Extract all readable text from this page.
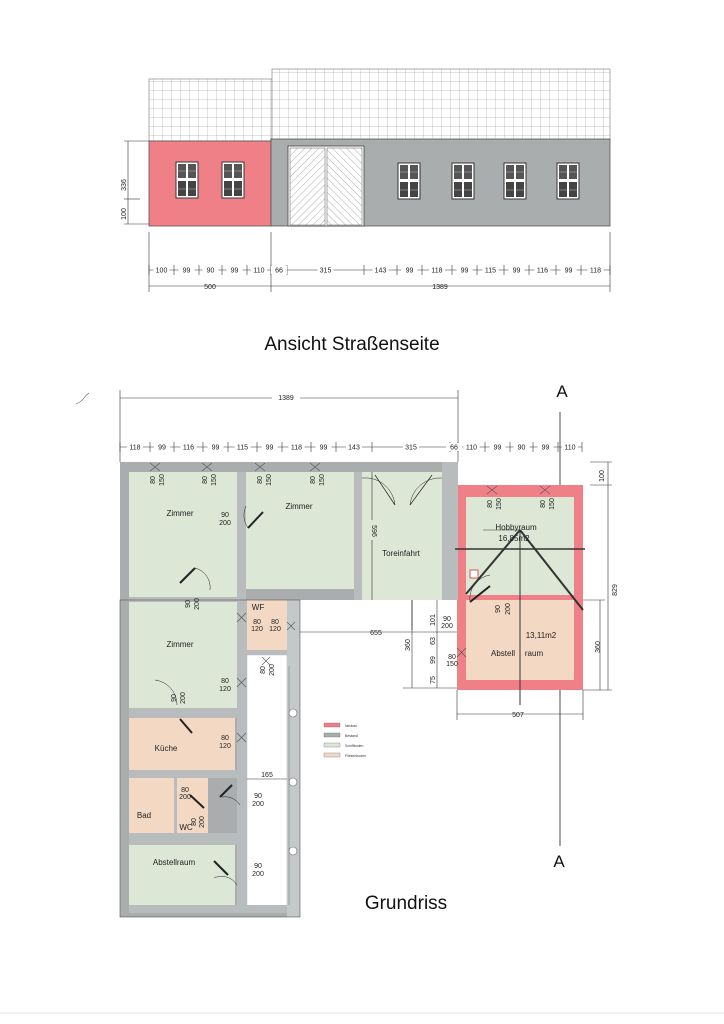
336
100
100 99 90 99 110 66	315	143	99	118	99 115 99 116 99	118
500	1389
Ansicht Straßenseite
A
A
1389
118	99 116	99	115	99	118	99	143	315	66 110 99 90 99 110
100
829
360
596
655
360
101
63
99
75
507
165
Zimmer
Zimmer
Zimmer
Toreinfahrt
Hobbyraum
16,85m2
13,11m2
Abstell raum
WF
Küche
Bad
WC
Abstellraum
80 150	80 150	80 150	80 150
80 150	80 150
90
200
90 200
80
120
80
120
90 200
80 200
90 200
80
150
90
200
90
200
80
120
80
120
80
200
80 200
90
200
Neubau
Bestand
Schiffboden
Fliesenboden
Grundriss
